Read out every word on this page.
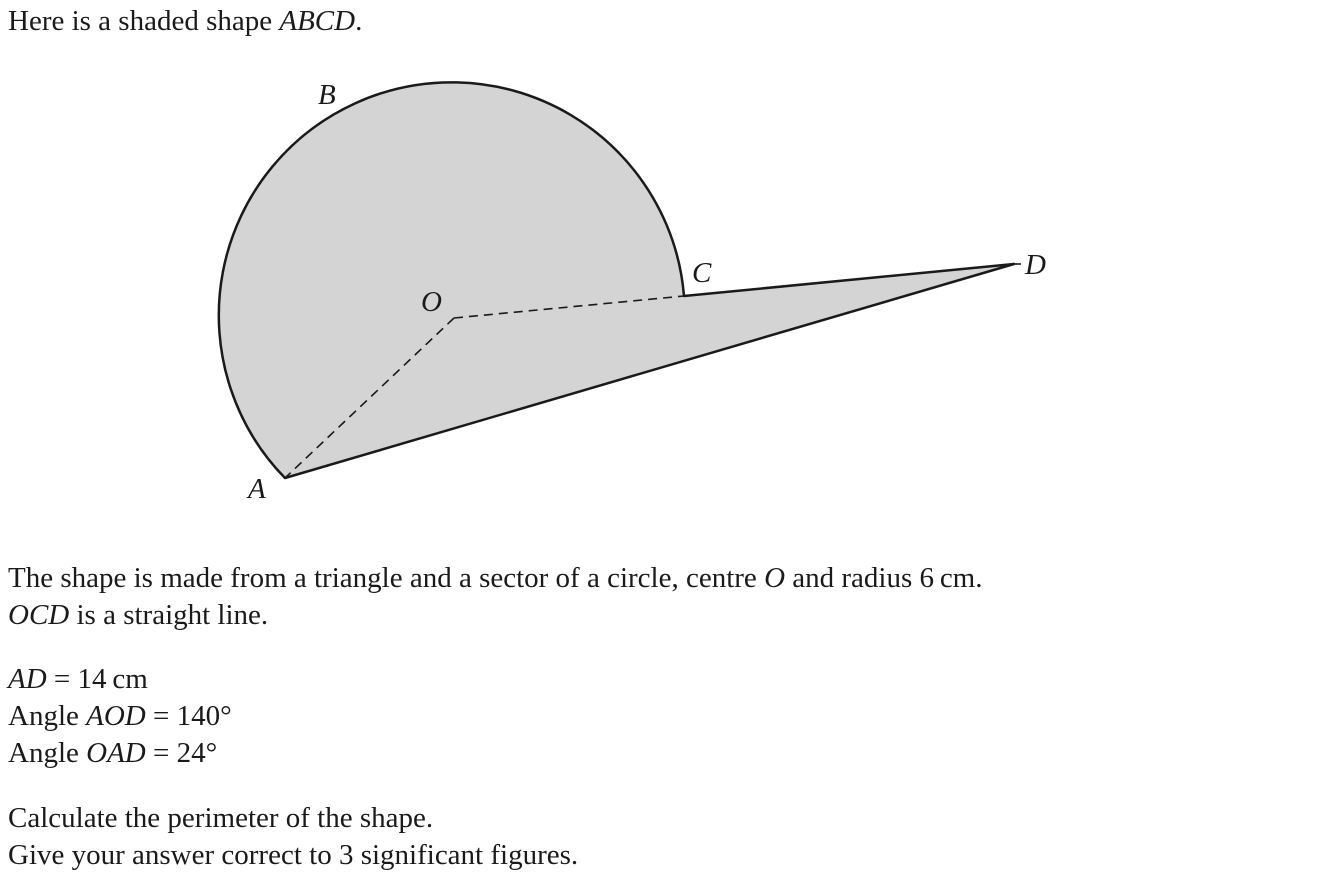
Here is a shaded shape ABCD.
A
B
C	D
O
The shape is made from a triangle and a sector of a circle, centre O and radius 6 cm.
OCD is a straight line.
AD = 14 cm
Angle AOD = 140°
Angle OAD = 24°
Calculate the perimeter of the shape.
Give your answer correct to 3 significant figures.
